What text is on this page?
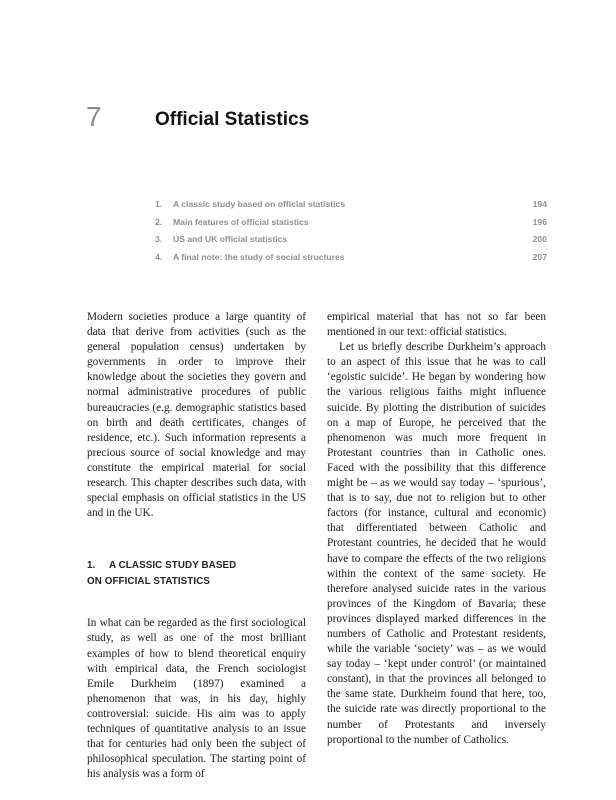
7	Official Statistics
1. A classic study based on official statistics	194
2. Main features of official statistics	196
3. US and UK official statistics	200
4. A final note: the study of social structures	207

Modern societies produce a large quantity of data that derive from activities (such as the general population census) undertaken by governments in order to improve their knowledge about the societies they govern and normal administrative procedures of public bureaucracies (e.g. demographic statistics based on birth and death certificates, changes of residence, etc.). Such information represents a precious source of social knowledge and may constitute the empirical material for social research. This chapter describes such data, with special emphasis on official statistics in the US and in the UK.

1. A CLASSIC STUDY BASED
ON OFFICIAL STATISTICS

In what can be regarded as the first sociological study, as well as one of the most brilliant examples of how to blend theoretical enquiry with empirical data, the French sociologist Emile Durkheim (1897) examined a phenomenon that was, in his day, highly controversial: suicide. His aim was to apply techniques of quantitative analysis to an issue that for centuries had only been the subject of philosophical speculation. The starting point of his analysis was a form of

empirical material that has not so far been mentioned in our text: official statistics.

Let us briefly describe Durkheim’s approach to an aspect of this issue that he was to call ‘egoistic suicide’. He began by wondering how the various religious faiths might influence suicide. By plotting the distribution of suicides on a map of Europe, he perceived that the phenomenon was much more frequent in Protestant countries than in Catholic ones. Faced with the possibility that this difference might be – as we would say today – ‘spurious’, that is to say, due not to religion but to other factors (for instance, cultural and economic) that differentiated between Catholic and Protestant countries, he decided that he would have to compare the effects of the two religions within the context of the same society. He therefore analysed suicide rates in the various provinces of the Kingdom of Bavaria; these provinces displayed marked differences in the numbers of Catholic and Protestant residents, while the variable ‘society’ was – as we would say today – ‘kept under control’ (or maintained constant), in that the provinces all belonged to the same state. Durkheim found that here, too, the suicide rate was directly proportional to the number of Protestants and inversely proportional to the number of Catholics.
